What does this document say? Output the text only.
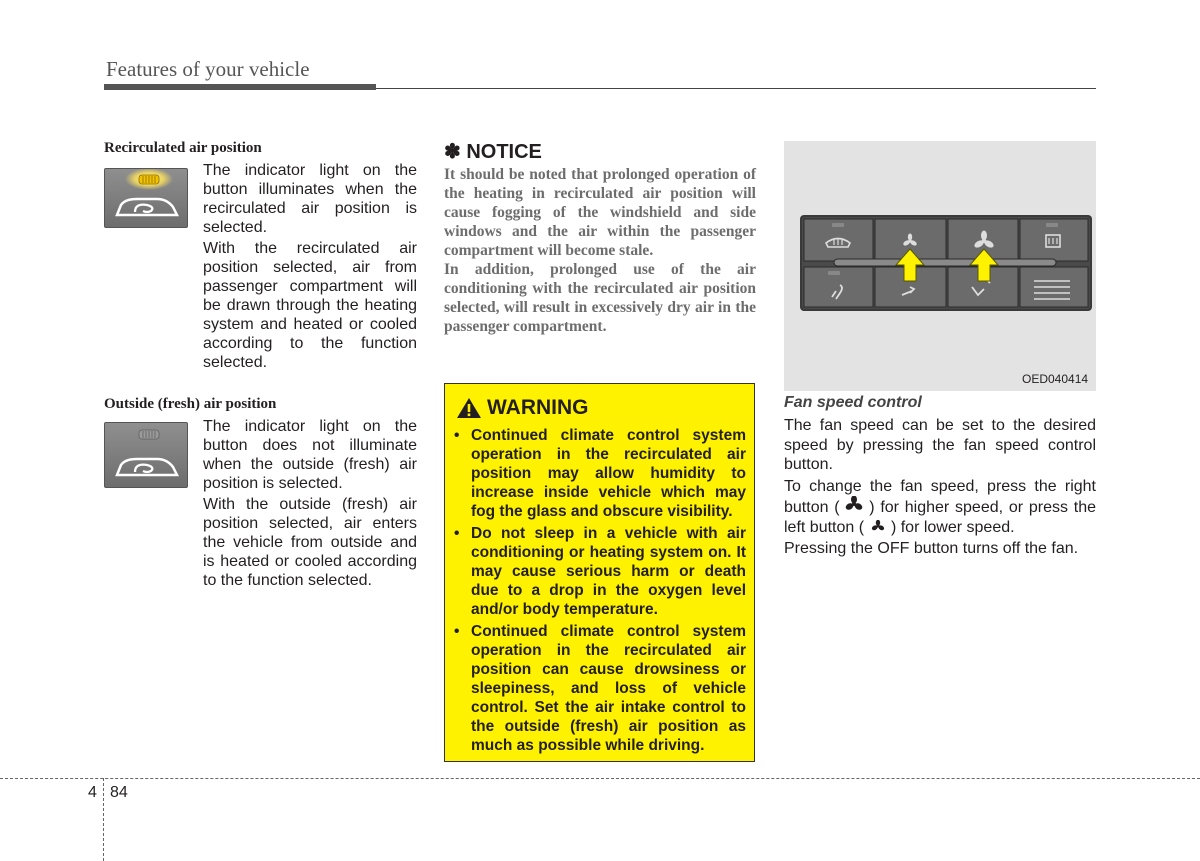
Features of your vehicle
Recirculated air position
The indicator light on the button illuminates when the recirculated air position is selected.
With the recirculated air position selected, air from passenger compartment will be drawn through the heating system and heated or cooled according to the function selected.
Outside (fresh) air position
The indicator light on the button does not illuminate when the outside (fresh) air position is selected.
With the outside (fresh) air position selected, air enters the vehicle from outside and is heated or cooled according to the function selected.
✽ NOTICE

It should be noted that prolonged operation of the heating in recirculated air position will cause fogging of the windshield and side windows and the air within the passenger compartment will become stale.

In addition, prolonged use of the air conditioning with the recirculated air position selected, will result in excessively dry air in the passenger compartment.

WARNING
• Continued climate control system operation in the recirculated air position may allow humidity to increase inside vehicle which may fog the glass and obscure visibility.
• Do not sleep in a vehicle with air conditioning or heating system on. It may cause serious harm or death due to a drop in the oxygen level and/or body temperature.
• Continued climate control system operation in the recirculated air position can cause drowsiness or sleepiness, and loss of vehicle control. Set the air intake control to the outside (fresh) air position as much as possible while driving.
OED040414
Fan speed control

The fan speed can be set to the desired speed by pressing the fan speed control button.

To change the fan speed, press the right button ( ) for higher speed, or press the left button ( ) for lower speed.

Pressing the OFF button turns off the fan.

4 84
